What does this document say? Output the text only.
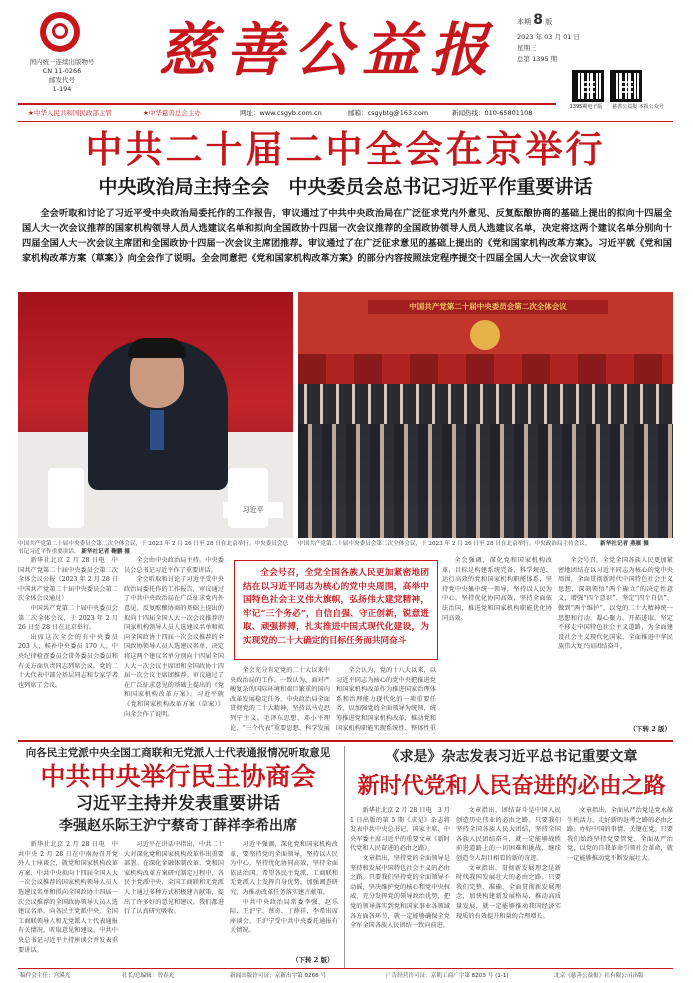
国内统一连续出版物号
CN 11-0266
邮发代号
1-194
慈善公益报	本期 8 版
2023 年 03 月 01 日
星期三
总第 1395 期
1395期电子版	慈善公益报 本报公众号
★中华人民共和国民政部主管	★中华慈善总会主办	网址：www.csgyb.com.cn	邮箱：csgybtg@163.com	新闻热线：010-65801108
中共二十届二中全会在京举行
中央政治局主持全会　中央委员会总书记习近平作重要讲话
全会听取和讨论了习近平受中央政治局委托作的工作报告，审议通过了中共中央政治局在广泛征求党内外意见、反复酝酿协商的基础上提出的拟向十四届全国人大一次会议推荐的国家机构领导人员人选建议名单和拟向全国政协十四届一次会议推荐的全国政协领导人员人选建议名单，决定将这两个建议名单分别向十四届全国人大一次会议主席团和全国政协十四届一次会议主席团推荐。审议通过了在广泛征求意见的基础上提出的《党和国家机构改革方案》。习近平就《党和国家机构改革方案（草案）》向全会作了说明。全会同意把《党和国家机构改革方案》的部分内容按照法定程序提交十四届全国人大一次会议审议
习近平
中国共产党第二十届中央委员会第二次全体会议，于 2023 年 2 月 26 日至 28 日在北京举行。中央委员会总书记习近平作重要讲话。 新华社记者 鞠鹏 摄
中国共产党第二十届中央委员会第二次全体会议
中国共产党第二十届中央委员会第二次全体会议，于 2023 年 2 月 26 日至 28 日在北京举行。中央政治局主持会议。 新华社记者 燕雁 摄

新华社北京 2 月 28 日电　中国共产党第二十届中央委员会第二次全体会议公报（2023 年 2 月 28 日中国共产党第二十届中央委员会第二次全体会议通过）

中国共产党第二十届中央委员会第二次全体会议，于 2023 年 2 月 26 日至 28 日在北京举行。

出席这次全会的有中央委员 203 人，候补中央委员 170 人。中央纪律检查委员会常务委员会委员和有关方面负责同志列席会议。党的二十大代表中部分基层同志和专家学者也列席了会议。

全会由中央政治局主持。中央委员会总书记习近平作了重要讲话。

全会听取和讨论了习近平受中央政治局委托作的工作报告，审议通过了中共中央政治局在广泛征求党内外意见、反复酝酿协商的基础上提出的拟向十四届全国人大一次会议推荐的国家机构领导人员人选建议名单和拟向全国政协十四届一次会议推荐的全国政协领导人员人选建议名单，决定将这两个建议名单分别向十四届全国人大一次会议主席团和全国政协十四届一次会议主席团推荐。审议通过了在广泛征求意见的基础上提出的《党和国家机构改革方案》。习近平就《党和国家机构改革方案（草案）》向全会作了说明。

全会充分肯定党的二十大以来中央政治局的工作。一致认为，面对严峻复杂的国际环境和艰巨繁重的国内改革发展稳定任务，中央政治局全面贯彻党的二十大精神，坚持以马克思列宁主义、毛泽东思想、邓小平理论、“三个代表”重要思想、科学发展

全会认为，党的十八大以来，以习近平同志为核心的党中央把推进党和国家机构改革作为推进国家治理体系和治理能力现代化的一项重要任务，以加强党的全面领导为统领，统筹推进党和国家机构改革，推动党和国家机构职能实现系统性、整体性重

全会强调，深化党和国家机构改革，目标是构建系统完备、科学规范、运行高效的党和国家机构职能体系，坚持党中央集中统一领导，坚持以人民为中心，坚持优化协同高效，坚持全面依法治国，推进党和国家机构职能优化协同高效。

全会号召，全党全国各族人民更加紧密地团结在以习近平同志为核心的党中央周围，全面贯彻新时代中国特色社会主义思想，深刻领悟“两个确立”的决定性意义，增强“四个意识”、坚定“四个自信”、做到“两个维护”，以党的二十大精神统一思想和行动，凝心聚力，开拓进取，坚定不移走中国特色社会主义道路，为全面建设社会主义现代化国家、全面推进中华民族伟大复兴而团结奋斗。

（下转 2 版）
全会号召，全党全国各族人民更加紧密地团结在以习近平同志为核心的党中央周围，高举中国特色社会主义伟大旗帜，弘扬伟大建党精神，牢记“三个务必”，自信自强、守正创新，锐意进取、顽强拼搏，扎实推进中国式现代化建设，为实现党的二十大确定的目标任务而共同奋斗
向各民主党派中央全国工商联和无党派人士代表通报情况听取意见
中共中央举行民主协商会
习近平主持并发表重要讲话
李强赵乐际王沪宁蔡奇丁薛祥李希出席

新华社北京 2 月 28 日电　中共中央 2 月 28 日在中南海召开党外人士座谈会，就党和国家机构改革方案、中共中央拟向十四届全国人大一次会议推荐的国家机构领导人员人选建议名单和拟向全国政协十四届一次会议推荐的全国政协领导人员人选建议名单，向各民主党派中央、全国工商联领导人和无党派人士代表通报有关情况，听取意见和建议。中共中央总书记习近平主持座谈会并发表重要讲话。

习近平在讲话中指出，中共二十大对深化党和国家机构改革作出重要部署。在深化金融体制改革、党和国家机构改革方案研究制定过程中，各民主党派中央、全国工商联和无党派人士通过多种方式积极建言献策，提出了许多好的意见和建议，我们都进行了认真研究吸收。

习近平强调，深化党和国家机构改革，要坚持党的全面领导，坚持以人民为中心，坚持优化协同高效，坚持全面依法治国。希望各民主党派、工商联和无党派人士发挥自身优势，加强调查研究，为推动改革任务落实建言献策。

中共中央政治局常委李强、赵乐际、王沪宁、蔡奇、丁薛祥、李希出席座谈会。王沪宁受中共中央委托通报有关情况。

（下转 2 版）
《求是》杂志发表习近平总书记重要文章
新时代党和人民奋进的必由之路

新华社北京 2 月 28 日电　3 月 1 日出版的第 5 期《求是》杂志将发表中共中央总书记、国家主席、中央军委主席习近平的重要文章《新时代党和人民奋进的必由之路》。

文章指出，坚持党的全面领导是坚持和发展中国特色社会主义的必由之路。只要我们坚持党的全面领导不动摇，坚决维护党的核心和党中央权威，充分发挥党的领导政治优势，把党的领导落实到党和国家事业各领域各方面各环节，就一定能够确保全党全军全国各族人民团结一致向前进。

文章指出，团结奋斗是中国人民创造历史伟业的必由之路。只要我们坚持全国各族人民大团结，坚持全国各族人民团结奋斗，就一定能够战胜前进道路上的一切困难和挑战，继续创造令人刮目相看的新的奇迹。

文章指出，贯彻新发展理念是新时代我国发展壮大的必由之路。只要我们完整、准确、全面贯彻新发展理念，加快构建新发展格局，推动高质量发展，就一定能够推动我国经济实现质的有效提升和量的合理增长。

文章指出，全面从严治党是党永葆生机活力、走好新的赶考之路的必由之路。办好中国的事情，关键在党。只要我们始终坚持党要管党、全面从严治党，以党的自我革命引领社会革命，就一定能够推动党不断发展壮大。

稿件会主任：宫溪光	社长/总编辑：曾春光	新闻出版许可证：京新出字第 0266 号	广告经营许可证：京朝工商广字第 8203 号 (1-1)	北京《慈善公益报》社有限公司出版
